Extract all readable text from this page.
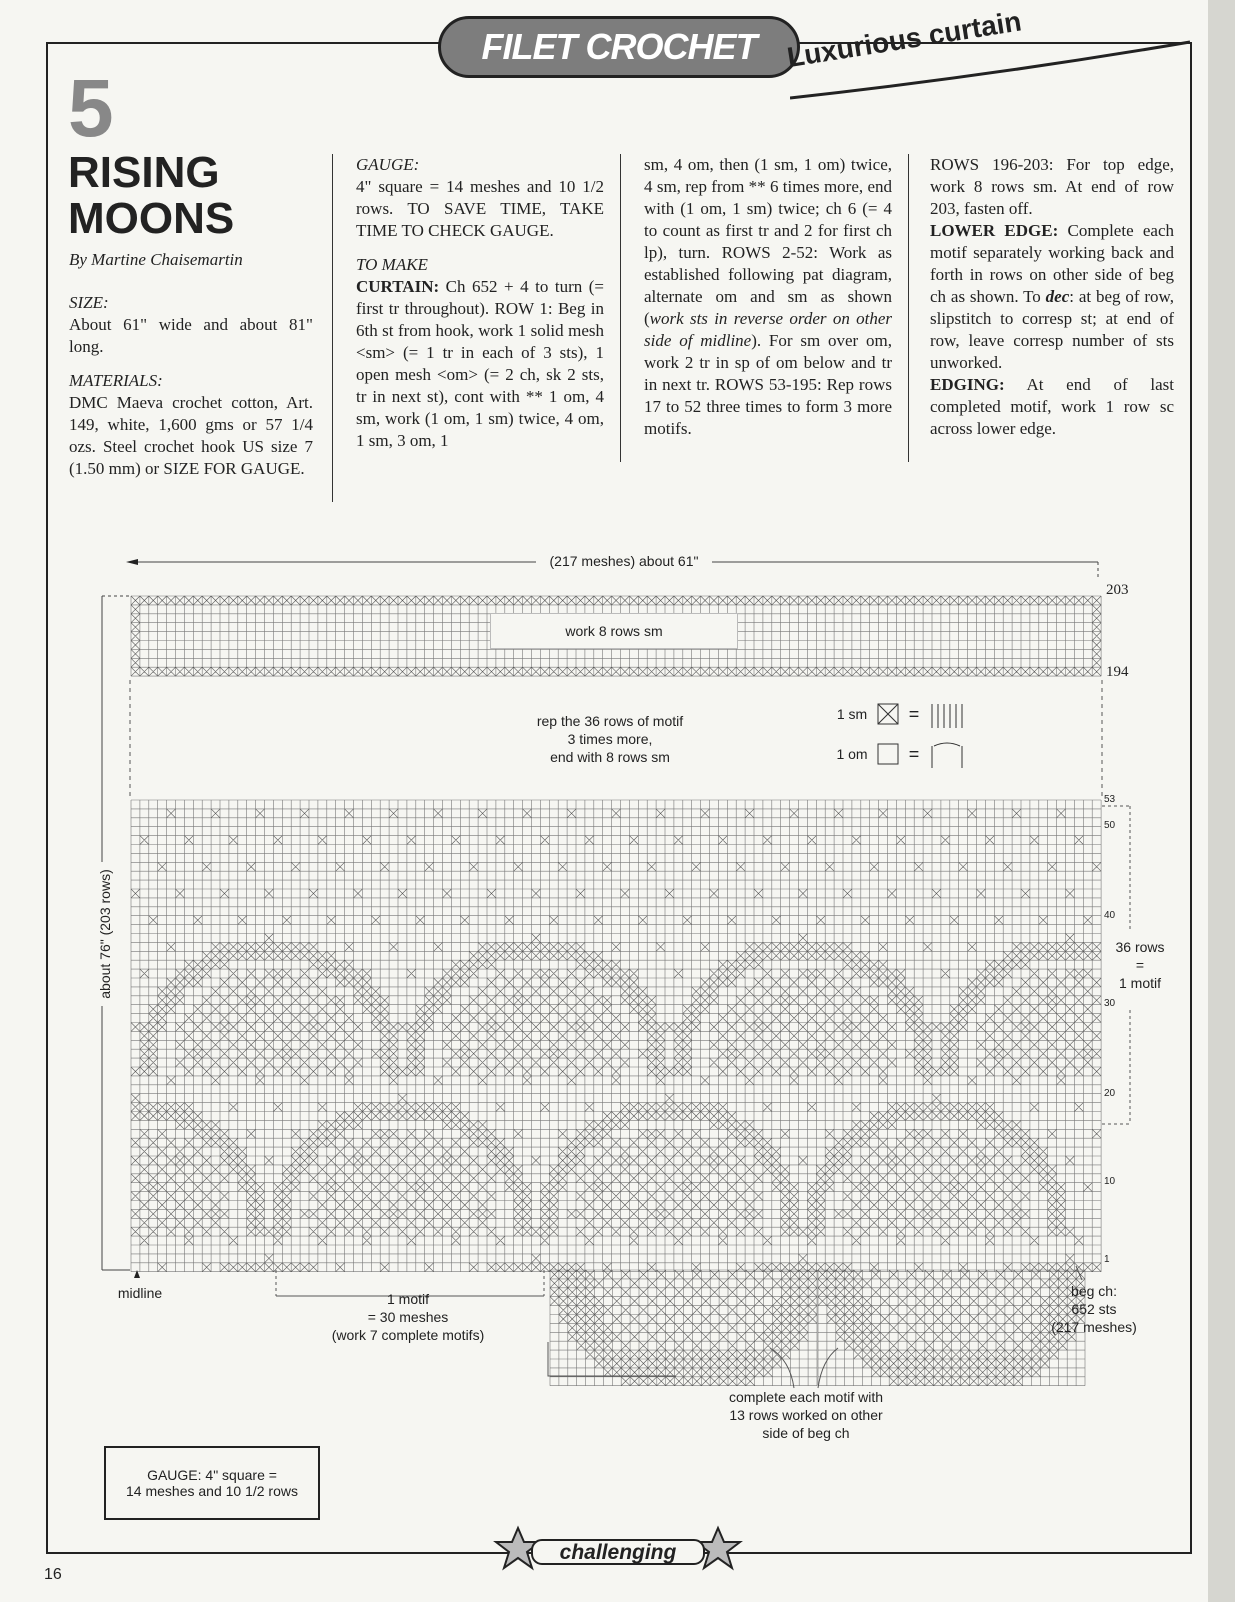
FILET CROCHET Luxurious curtain
5
RISING
MOONS
By Martine Chaisemartin

SIZE:
About 61" wide and about 81" long.

MATERIALS:
DMC Maeva crochet cotton, Art. 149, white, 1,600 gms or 57 1/4 ozs. Steel crochet hook US size 7 (1.50 mm) or SIZE FOR GAUGE.

GAUGE:
4" square = 14 meshes and 10 1/2 rows. TO SAVE TIME, TAKE TIME TO CHECK GAUGE.

TO MAKE
CURTAIN: Ch 652 + 4 to turn (= first tr throughout). ROW 1: Beg in 6th st from hook, work 1 solid mesh <sm> (= 1 tr in each of 3 sts), 1 open mesh <om> (= 2 ch, sk 2 sts, tr in next st), cont with ** 1 om, 4 sm, work (1 om, 1 sm) twice, 4 om, 1 sm, 3 om, 1

sm, 4 om, then (1 sm, 1 om) twice, 4 sm, rep from ** 6 times more, end with (1 om, 1 sm) twice; ch 6 (= 4 to count as first tr and 2 for first ch lp), turn. ROWS 2-52: Work as established following pat diagram, alternate om and sm as shown (work sts in reverse order on other side of midline). For sm over om, work 2 tr in sp of om below and tr in next tr. ROWS 53-195: Rep rows 17 to 52 three times to form 3 more motifs.

ROWS 196-203: For top edge, work 8 rows sm. At end of row 203, fasten off.

LOWER EDGE: Complete each motif separately working back and forth in rows on other side of beg ch as shown. To dec: at beg of row, slipstitch to corresp st; at end of row, leave corresp number of sts unworked.

EDGING: At end of last completed motif, work 1 row sc across lower edge.

(217 meshes) about 61"
about 76" (203 rows)
work 8 rows sm
203
194
rep the 36 rows of motif
3 times more,
end with 8 rows sm
1 sm
1 om
=
=
53
50
40
30
20
10
1
36 rows
=
1 motif
midline	1 motif
= 30 meshes
(work 7 complete motifs)
beg ch:
652 sts
(217 meshes)
complete each motif with
13 rows worked on other
side of beg ch
GAUGE: 4" square =
14 meshes and 10 1/2 rows
challenging
16
